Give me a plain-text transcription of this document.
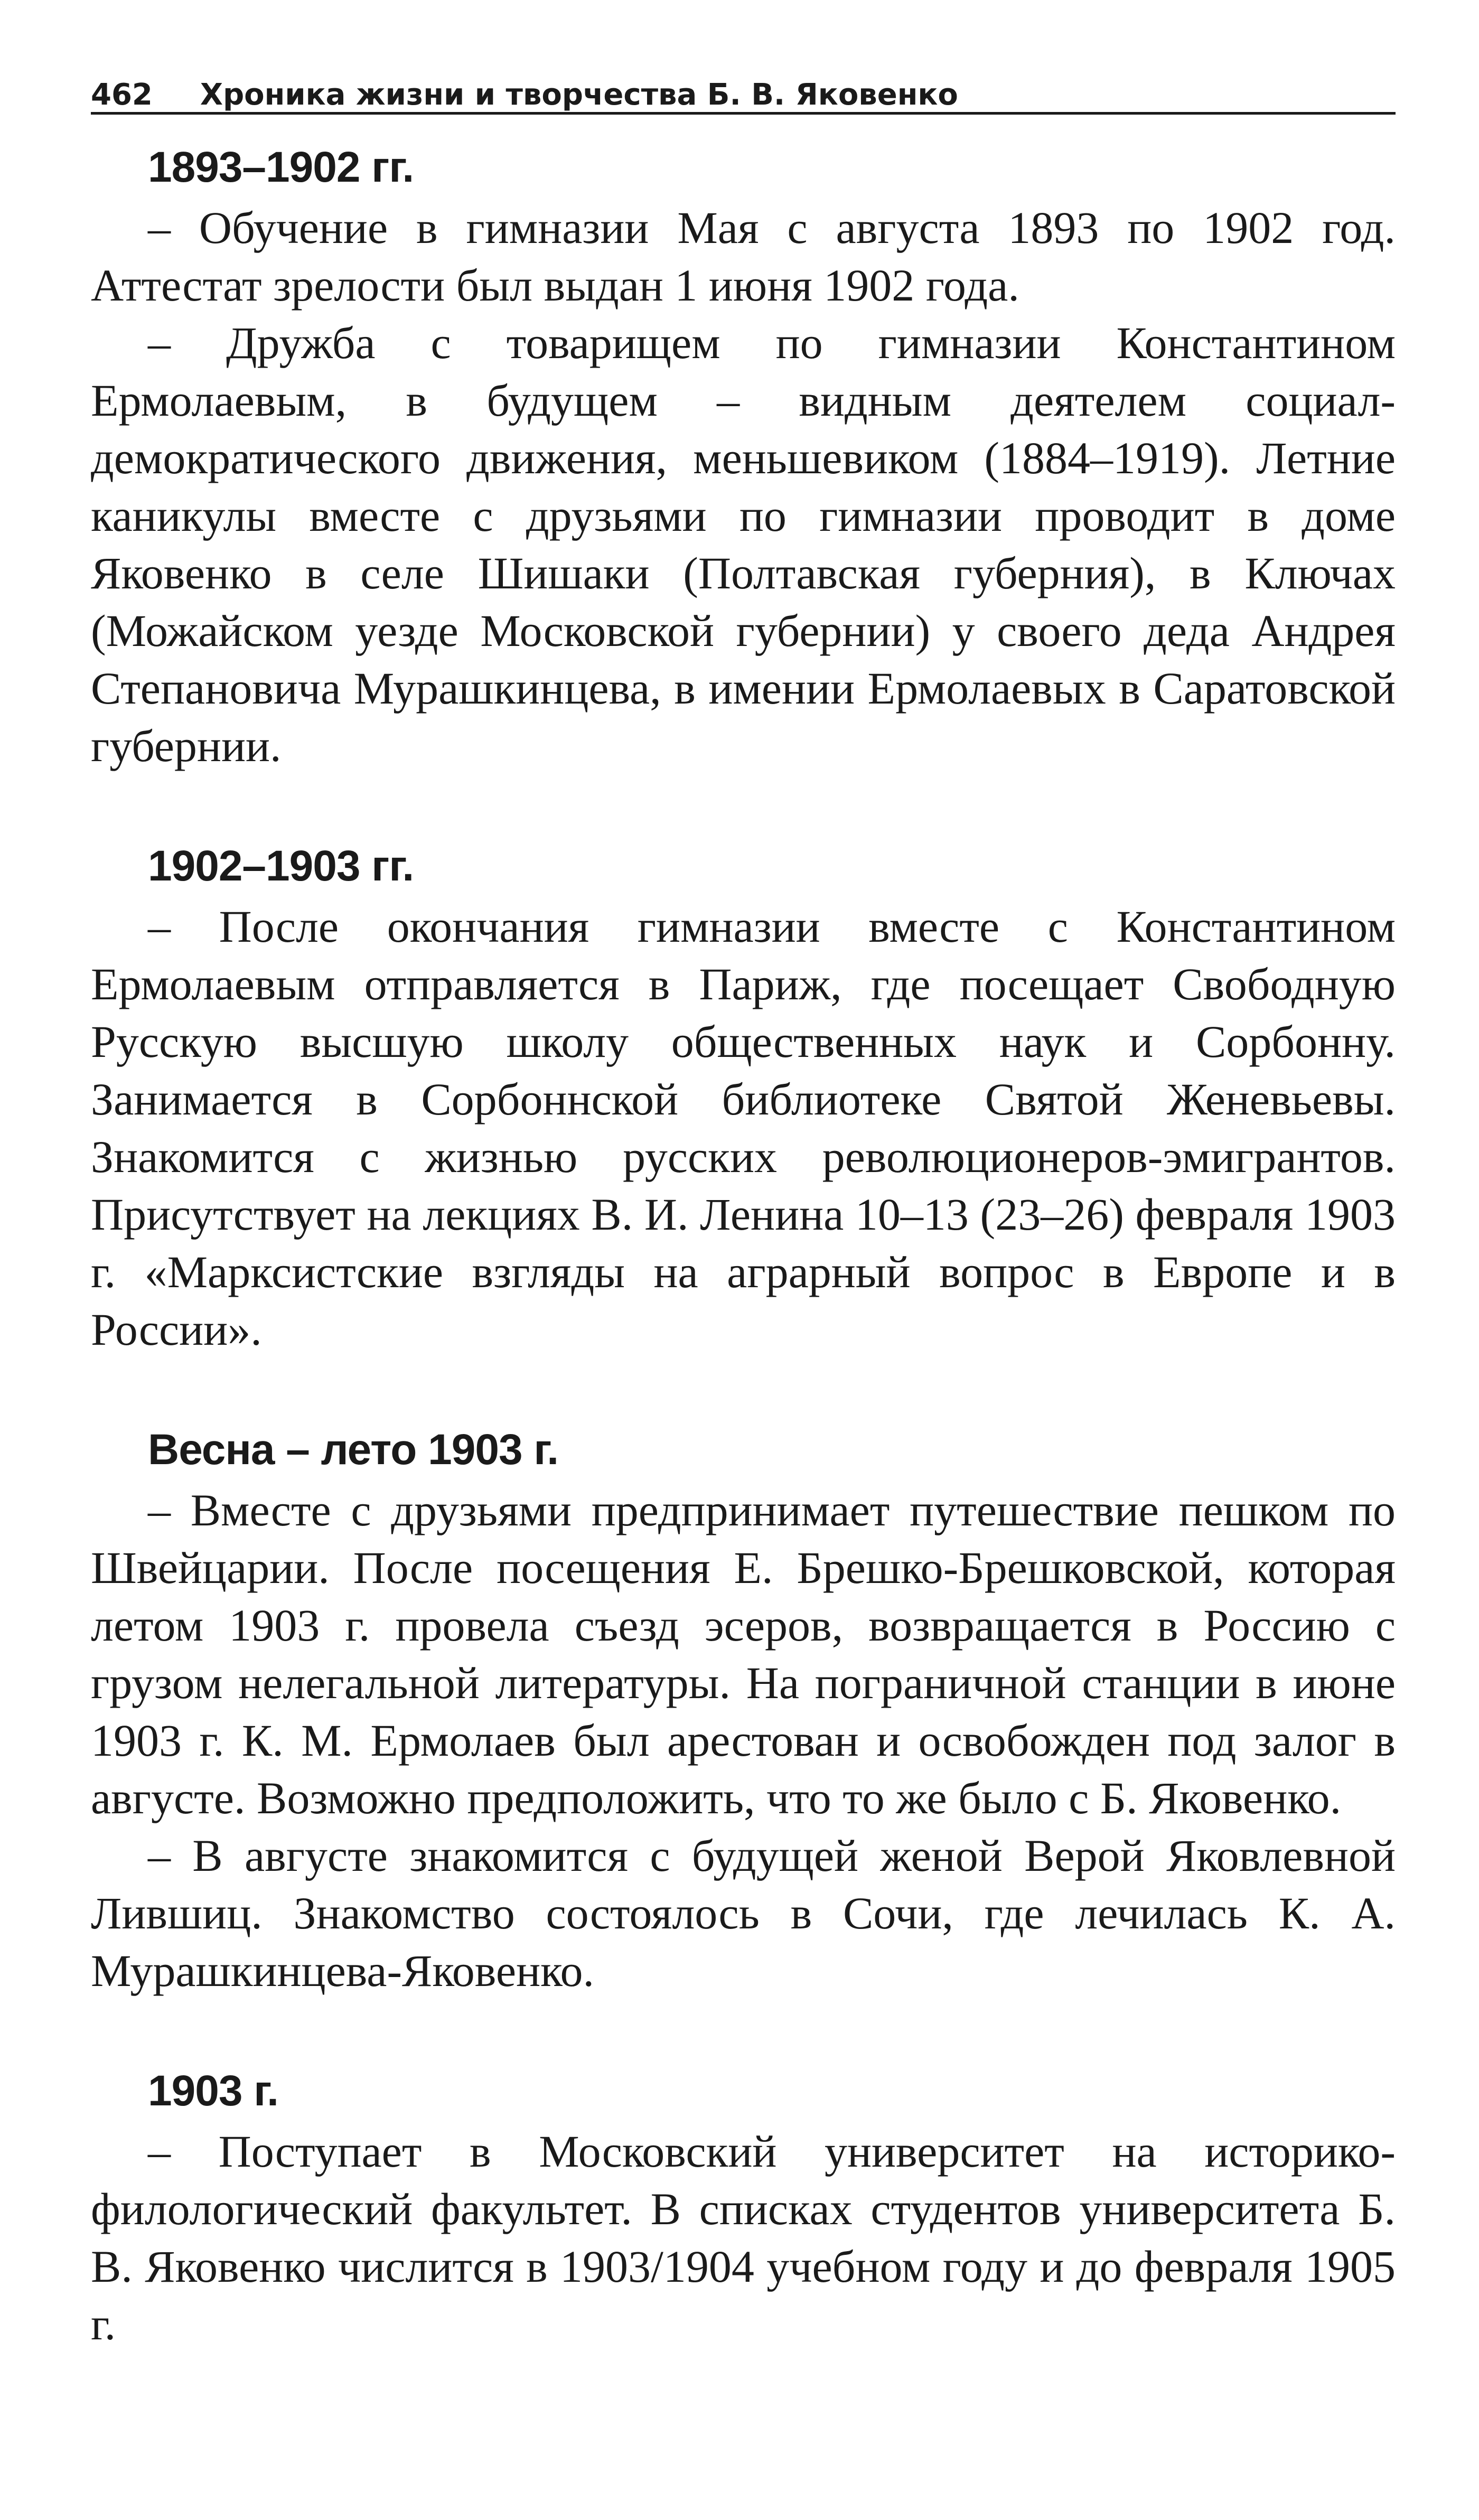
462 Хроника жизни и творчества Б. В. Яковенко
1893–1902 гг.

– Обучение в гимназии Мая с августа 1893 по 1902 год. Аттестат зрелости был выдан 1 июня 1902 года.

– Дружба с товарищем по гимназии Константином Ермолаевым, в будущем – видным деятелем социал-демократического движения, меньшевиком (1884–1919). Летние каникулы вместе с друзьями по гимназии проводит в доме Яковенко в селе Шишаки (Полтавская губерния), в Ключах (Можайском уезде Московской губернии) у своего деда Андрея Степановича Мурашкинцева, в имении Ермолаевых в Саратовской губернии.

1902–1903 гг.

– После окончания гимназии вместе с Константином Ермолаевым отправляется в Париж, где посещает Свободную Русскую высшую школу общественных наук и Сорбонну. Занимается в Сорбоннской библиотеке Святой Женевьевы. Знакомится с жизнью русских революционеров-эмигрантов. Присутствует на лекциях В. И. Ленина 10–13 (23–26) февраля 1903 г. «Марксистские взгляды на аграрный вопрос в Европе и в России».

Весна – лето 1903 г.

– Вместе с друзьями предпринимает путешествие пешком по Швейцарии. После посещения Е. Брешко-Брешковской, которая летом 1903 г. провела съезд эсеров, возвращается в Россию с грузом нелегальной литературы. На пограничной станции в июне 1903 г. К. М. Ермолаев был арестован и освобожден под залог в августе. Возможно предположить, что то же было с Б. Яковенко.

– В августе знакомится с будущей женой Верой Яковлевной Лившиц. Знакомство состоялось в Сочи, где лечилась К. А. Мурашкинцева-Яковенко.

1903 г.

– Поступает в Московский университет на историко-филологический факультет. В списках студентов университета Б. В. Яковенко числится в 1903/1904 учебном году и до февраля 1905 г.
